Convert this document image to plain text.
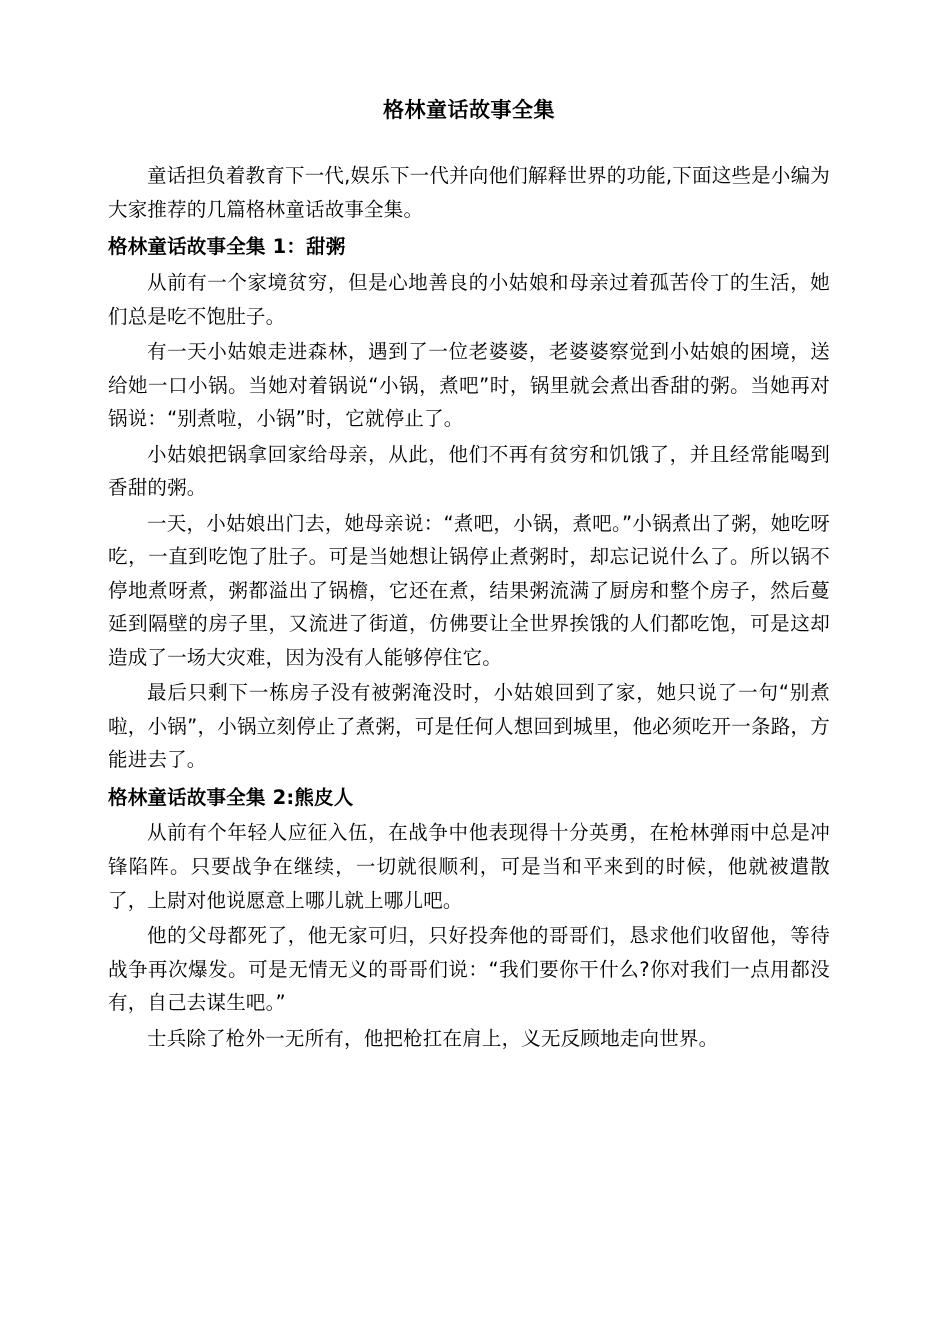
格林童话故事全集

童话担负着教育下一代,娱乐下一代并向他们解释世界的功能,下面这些是小编为大家推荐的几篇格林童话故事全集。

格林童话故事全集 1：甜粥

从前有一个家境贫穷，但是心地善良的小姑娘和母亲过着孤苦伶丁的生活，她们总是吃不饱肚子。

有一天小姑娘走进森林，遇到了一位老婆婆，老婆婆察觉到小姑娘的困境，送给她一口小锅。当她对着锅说“小锅，煮吧”时，锅里就会煮出香甜的粥。当她再对锅说：“别煮啦，小锅”时，它就停止了。

小姑娘把锅拿回家给母亲，从此，他们不再有贫穷和饥饿了，并且经常能喝到香甜的粥。

一天，小姑娘出门去，她母亲说：“煮吧，小锅，煮吧。”小锅煮出了粥，她吃呀吃，一直到吃饱了肚子。可是当她想让锅停止煮粥时，却忘记说什么了。所以锅不停地煮呀煮，粥都溢出了锅檐，它还在煮，结果粥流满了厨房和整个房子，然后蔓延到隔壁的房子里，又流进了街道，仿佛要让全世界挨饿的人们都吃饱，可是这却造成了一场大灾难，因为没有人能够停住它。

最后只剩下一栋房子没有被粥淹没时，小姑娘回到了家，她只说了一句“别煮啦，小锅”，小锅立刻停止了煮粥，可是任何人想回到城里，他必须吃开一条路，方能进去了。

格林童话故事全集 2:熊皮人

从前有个年轻人应征入伍，在战争中他表现得十分英勇，在枪林弹雨中总是冲锋陷阵。只要战争在继续，一切就很顺利，可是当和平来到的时候，他就被遣散了，上尉对他说愿意上哪儿就上哪儿吧。

他的父母都死了，他无家可归，只好投奔他的哥哥们，恳求他们收留他，等待战争再次爆发。可是无情无义的哥哥们说：“我们要你干什么?你对我们一点用都没有，自己去谋生吧。”

士兵除了枪外一无所有，他把枪扛在肩上，义无反顾地走向世界。
